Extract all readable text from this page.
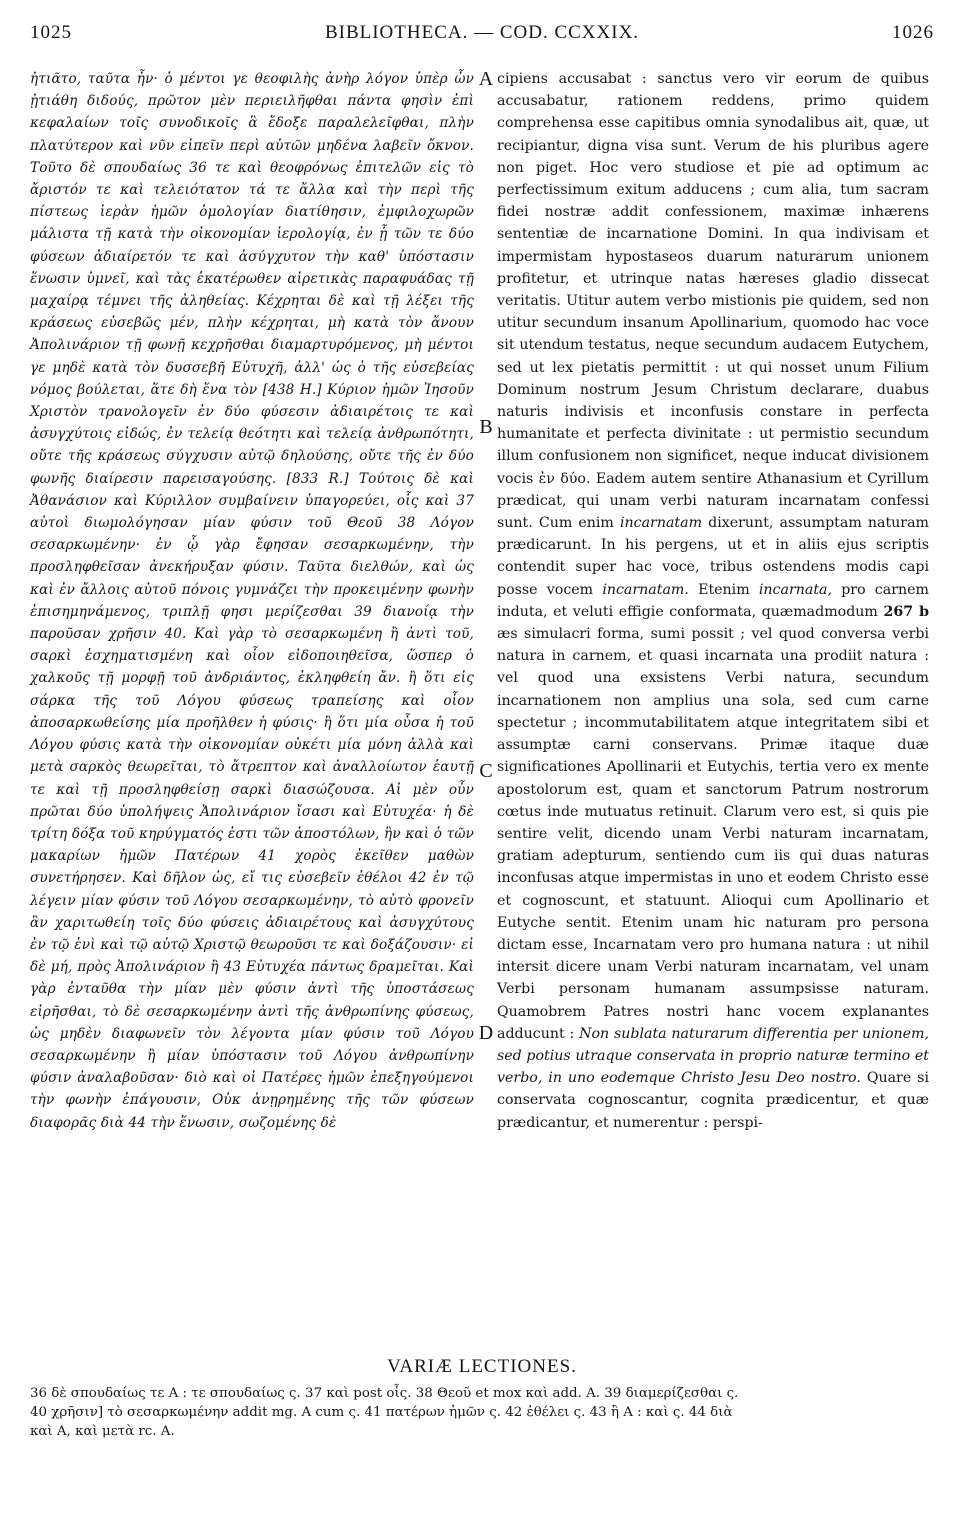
1025	BIBLIOTHECA. — COD. CCXXIX.	1026

ἠτιᾶτο, ταῦτα ἦν· ὁ μέντοι γε θεοφιλὴς ἀνὴρ λόγον ὑπὲρ ὧν ᾐτιάθη διδούς, πρῶτον μὲν περιειλῆφθαι πάντα φησὶν ἐπὶ κεφαλαίων τοῖς συνοδικοῖς ἃ ἔδοξε παραλελεῖφθαι, πλὴν πλατύτερον καὶ νῦν εἰπεῖν περὶ αὐτῶν μηδένα λαβεῖν ὄκνον. Τοῦτο δὲ σπουδαίως 36 τε καὶ θεοφρόνως ἐπιτελῶν εἰς τὸ ἄριστόν τε καὶ τελειότατον τά τε ἄλλα καὶ τὴν περὶ τῆς πίστεως ἱερὰν ἡμῶν ὁμολογίαν διατίθησιν, ἐμφιλοχωρῶν μάλιστα τῇ κατὰ τὴν οἰκονομίαν ἱερολογίᾳ, ἐν ᾗ τῶν τε δύο φύσεων ἀδιαίρετόν τε καὶ ἀσύγχυτον τὴν καθ' ὑπόστασιν ἕνωσιν ὑμνεῖ, καὶ τὰς ἑκατέρωθεν αἱρετικὰς παραφυάδας τῇ μαχαίρᾳ τέμνει τῆς ἀληθείας. Κέχρηται δὲ καὶ τῇ λέξει τῆς κράσεως εὐσεβῶς μέν, πλὴν κέχρηται, μὴ κατὰ τὸν ἄνουν Ἀπολινάριον τῇ φωνῇ κεχρῆσθαι διαμαρτυρόμενος, μὴ μέντοι γε μηδὲ κατὰ τὸν δυσσεβῆ Εὐτυχῆ, ἀλλ' ὡς ὁ τῆς εὐσεβείας νόμος βούλεται, ἅτε δὴ ἕνα τὸν [438 H.] Κύριον ἡμῶν Ἰησοῦν Χριστὸν τρανολογεῖν ἐν δύο φύσεσιν ἀδιαιρέτοις τε καὶ ἀσυγχύτοις εἰδώς, ἐν τελείᾳ θεότητι καὶ τελείᾳ ἀνθρωπότητι, οὔτε τῆς κράσεως σύγχυσιν αὐτῷ δηλούσης, οὔτε τῆς ἐν δύο φωνῆς διαίρεσιν παρεισαγούσης. [833 R.] Τούτοις δὲ καὶ Ἀθανάσιον καὶ Κύριλλον συμβαίνειν ὑπαγορεύει, οἷς καὶ 37 αὐτοὶ διωμολόγησαν μίαν φύσιν τοῦ Θεοῦ 38 Λόγον σεσαρκωμένην· ἐν ᾧ γὰρ ἔφησαν σεσαρκωμένην, τὴν προσληφθεῖσαν ἀνεκήρυξαν φύσιν. Ταῦτα διελθών, καὶ ὡς καὶ ἐν ἄλλοις αὐτοῦ πόνοις γυμνάζει τὴν προκειμένην φωνὴν ἐπισημηνάμενος, τριπλῇ φησι μερίζεσθαι 39 διανοίᾳ τὴν παροῦσαν χρῆσιν 40. Καὶ γὰρ τὸ σεσαρκωμένη ἢ ἀντὶ τοῦ, σαρκὶ ἐσχηματισμένη καὶ οἷον εἰδοποιηθεῖσα, ὥσπερ ὁ χαλκοῦς τῇ μορφῇ τοῦ ἀνδριάντος, ἐκληφθείη ἄν. ἢ ὅτι εἰς σάρκα τῆς τοῦ Λόγου φύσεως τραπείσης καὶ οἷον ἀποσαρκωθείσης μία προῆλθεν ἡ φύσις· ἢ ὅτι μία οὖσα ἡ τοῦ Λόγου φύσις κατὰ τὴν οἰκονομίαν οὐκέτι μία μόνη ἀλλὰ καὶ μετὰ σαρκὸς θεωρεῖται, τὸ ἄτρεπτον καὶ ἀναλλοίωτον ἑαυτῇ τε καὶ τῇ προσληφθείσῃ σαρκὶ διασώζουσα. Αἱ μὲν οὖν πρῶται δύο ὑπολήψεις Ἀπολινάριον ἴσασι καὶ Εὐτυχέα· ἡ δὲ τρίτη δόξα τοῦ κηρύγματός ἐστι τῶν ἀποστόλων, ἣν καὶ ὁ τῶν μακαρίων ἡμῶν Πατέρων 41 χορὸς ἐκεῖθεν μαθὼν συνετήρησεν. Καὶ δῆλον ὡς, εἴ τις εὐσεβεῖν ἐθέλοι 42 ἐν τῷ λέγειν μίαν φύσιν τοῦ Λόγου σεσαρκωμένην, τὸ αὐτὸ φρονεῖν ἂν χαριτωθείη τοῖς δύο φύσεις ἀδιαιρέτους καὶ ἀσυγχύτους ἐν τῷ ἑνὶ καὶ τῷ αὐτῷ Χριστῷ θεωροῦσι τε καὶ δοξάζουσιν· εἰ δὲ μή, πρὸς Ἀπολινάριον ἢ 43 Εὐτυχέα πάντως δραμεῖται. Καὶ γὰρ ἐνταῦθα τὴν μίαν μὲν φύσιν ἀντὶ τῆς ὑποστάσεως εἰρῆσθαι, τὸ δὲ σεσαρκωμένην ἀντὶ τῆς ἀνθρωπίνης φύσεως, ὡς μηδὲν διαφωνεῖν τὸν λέγοντα μίαν φύσιν τοῦ Λόγου σεσαρκωμένην ἢ μίαν ὑπόστασιν τοῦ Λόγου ἀνθρωπίνην φύσιν ἀναλαβοῦσαν· διὸ καὶ οἱ Πατέρες ἡμῶν ἐπεξηγούμενοι τὴν φωνὴν ἐπάγουσιν, Οὐκ ἀνῃρημένης τῆς τῶν φύσεων διαφορᾶς διὰ 44 τὴν ἕνωσιν, σωζομένης δὲ

A
B
C
D

cipiens accusabat : sanctus vero vir eorum de quibus accusabatur, rationem reddens, primo quidem comprehensa esse capitibus omnia synodalibus ait, quæ, ut recipiantur, digna visa sunt. Verum de his pluribus agere non piget. Hoc vero studiose et pie ad optimum ac perfectissimum exitum adducens ; cum alia, tum sacram fidei nostræ addit confessionem, maximæ inhærens sententiæ de incarnatione Domini. In qua indivisam et impermistam hypostaseos duarum naturarum unionem profitetur, et utrinque natas hæreses gladio dissecat veritatis. Utitur autem verbo mistionis pie quidem, sed non utitur secundum insanum Apollinarium, quomodo hac voce sit utendum testatus, neque secundum audacem Eutychem, sed ut lex pietatis permittit : ut qui nosset unum Filium Dominum nostrum Jesum Christum declarare, duabus naturis indivisis et inconfusis constare in perfecta humanitate et perfecta divinitate : ut permistio secundum illum confusionem non significet, neque inducat divisionem vocis ἐν δύο. Eadem autem sentire Athanasium et Cyrillum prædicat, qui unam verbi naturam incarnatam confessi sunt. Cum enim incarnatam dixerunt, assumptam naturam prædicarunt. In his pergens, ut et in aliis ejus scriptis contendit super hac voce, tribus ostendens modis capi posse vocem incarnatam. Etenim incarnata, pro carnem induta, et veluti effigie conformata, quæmadmodum 267 b æs simulacri forma, sumi possit ; vel quod conversa verbi natura in carnem, et quasi incarnata una prodiit natura : vel quod una exsistens Verbi natura, secundum incarnationem non amplius una sola, sed cum carne spectetur ; incommutabilitatem atque integritatem sibi et assumptæ carni conservans. Primæ itaque duæ significationes Apollinarii et Eutychis, tertia vero ex mente apostolorum est, quam et sanctorum Patrum nostrorum cœtus inde mutuatus retinuit. Clarum vero est, si quis pie sentire velit, dicendo unam Verbi naturam incarnatam, gratiam adepturum, sentiendo cum iis qui duas naturas inconfusas atque impermistas in uno et eodem Christo esse et cognoscunt, et statuunt. Alioqui cum Apollinario et Eutyche sentit. Etenim unam hic naturam pro persona dictam esse, Incarnatam vero pro humana natura : ut nihil intersit dicere unam Verbi naturam incarnatam, vel unam Verbi personam humanam assumpsisse naturam. Quamobrem Patres nostri hanc vocem explanantes adducunt : Non sublata naturarum differentia per unionem, sed potius utraque conservata in proprio naturæ termino et verbo, in uno eodemque Christo Jesu Deo nostro. Quare si conservata cognoscantur, cognita prædicentur, et quæ prædicantur, et numerentur : perspi-

VARIÆ LECTIONES.

36 δὲ σπουδαίως τε A : τε σπουδαίως ς. 37 καὶ post οἷς. 38 Θεοῦ et mox καὶ add. A. 39 διαμερίζεσθαι ς.

40 χρῆσιν] τὸ σεσαρκωμένην addit mg. A cum ς. 41 πατέρων ἡμῶν ς. 42 ἐθέλει ς. 43 ἢ A : καὶ ς. 44 διὰ

καὶ A, καὶ μετὰ rc. A.
